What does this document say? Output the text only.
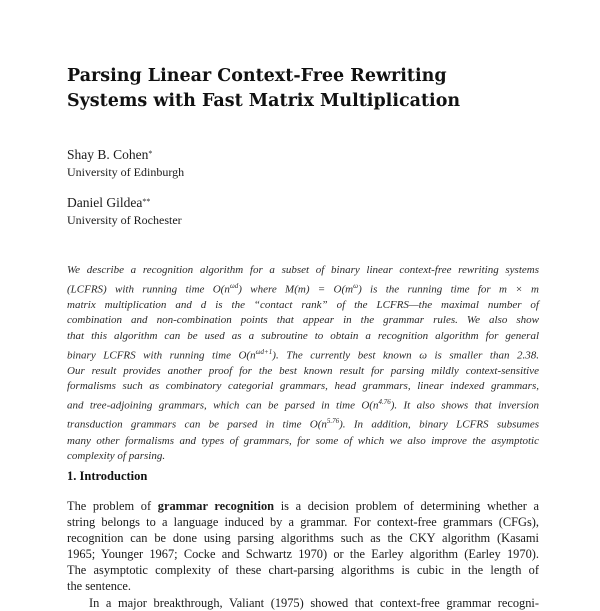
Parsing Linear Context-Free Rewriting
Systems with Fast Matrix Multiplication
Shay B. Cohen*
University of Edinburgh
Daniel Gildea**
University of Rochester
We describe a recognition algorithm for a subset of binary linear context-free rewriting systems
(LCFRS) with running time $O(n^{\omega d})$ where $M(m) = O(m^\omega)$ is the running time for m × m
matrix multiplication and d is the “contact rank” of the LCFRS—the maximal number of
combination and non-combination points that appear in the grammar rules. We also show
that this algorithm can be used as a subroutine to obtain a recognition algorithm for general
binary LCFRS with running time $O(n^{\omega d+1})$. The currently best known ω is smaller than 2.38.
Our result provides another proof for the best known result for parsing mildly context-sensitive
formalisms such as combinatory categorial grammars, head grammars, linear indexed grammars,
and tree-adjoining grammars, which can be parsed in time $O(n^{4.76})$. It also shows that inversion
transduction grammars can be parsed in time $O(n^{5.76})$. In addition, binary LCFRS subsumes
many other formalisms and types of grammars, for some of which we also improve the asymptotic
complexity of parsing.
1. Introduction
The problem of grammar recognition is a decision problem of determining whether a
string belongs to a language induced by a grammar. For context-free grammars (CFGs),
recognition can be done using parsing algorithms such as the CKY algorithm (Kasami
1965; Younger 1967; Cocke and Schwartz 1970) or the Earley algorithm (Earley 1970).
The asymptotic complexity of these chart-parsing algorithms is cubic in the length of
the sentence.
In a major breakthrough, Valiant (1975) showed that context-free grammar recogni-
